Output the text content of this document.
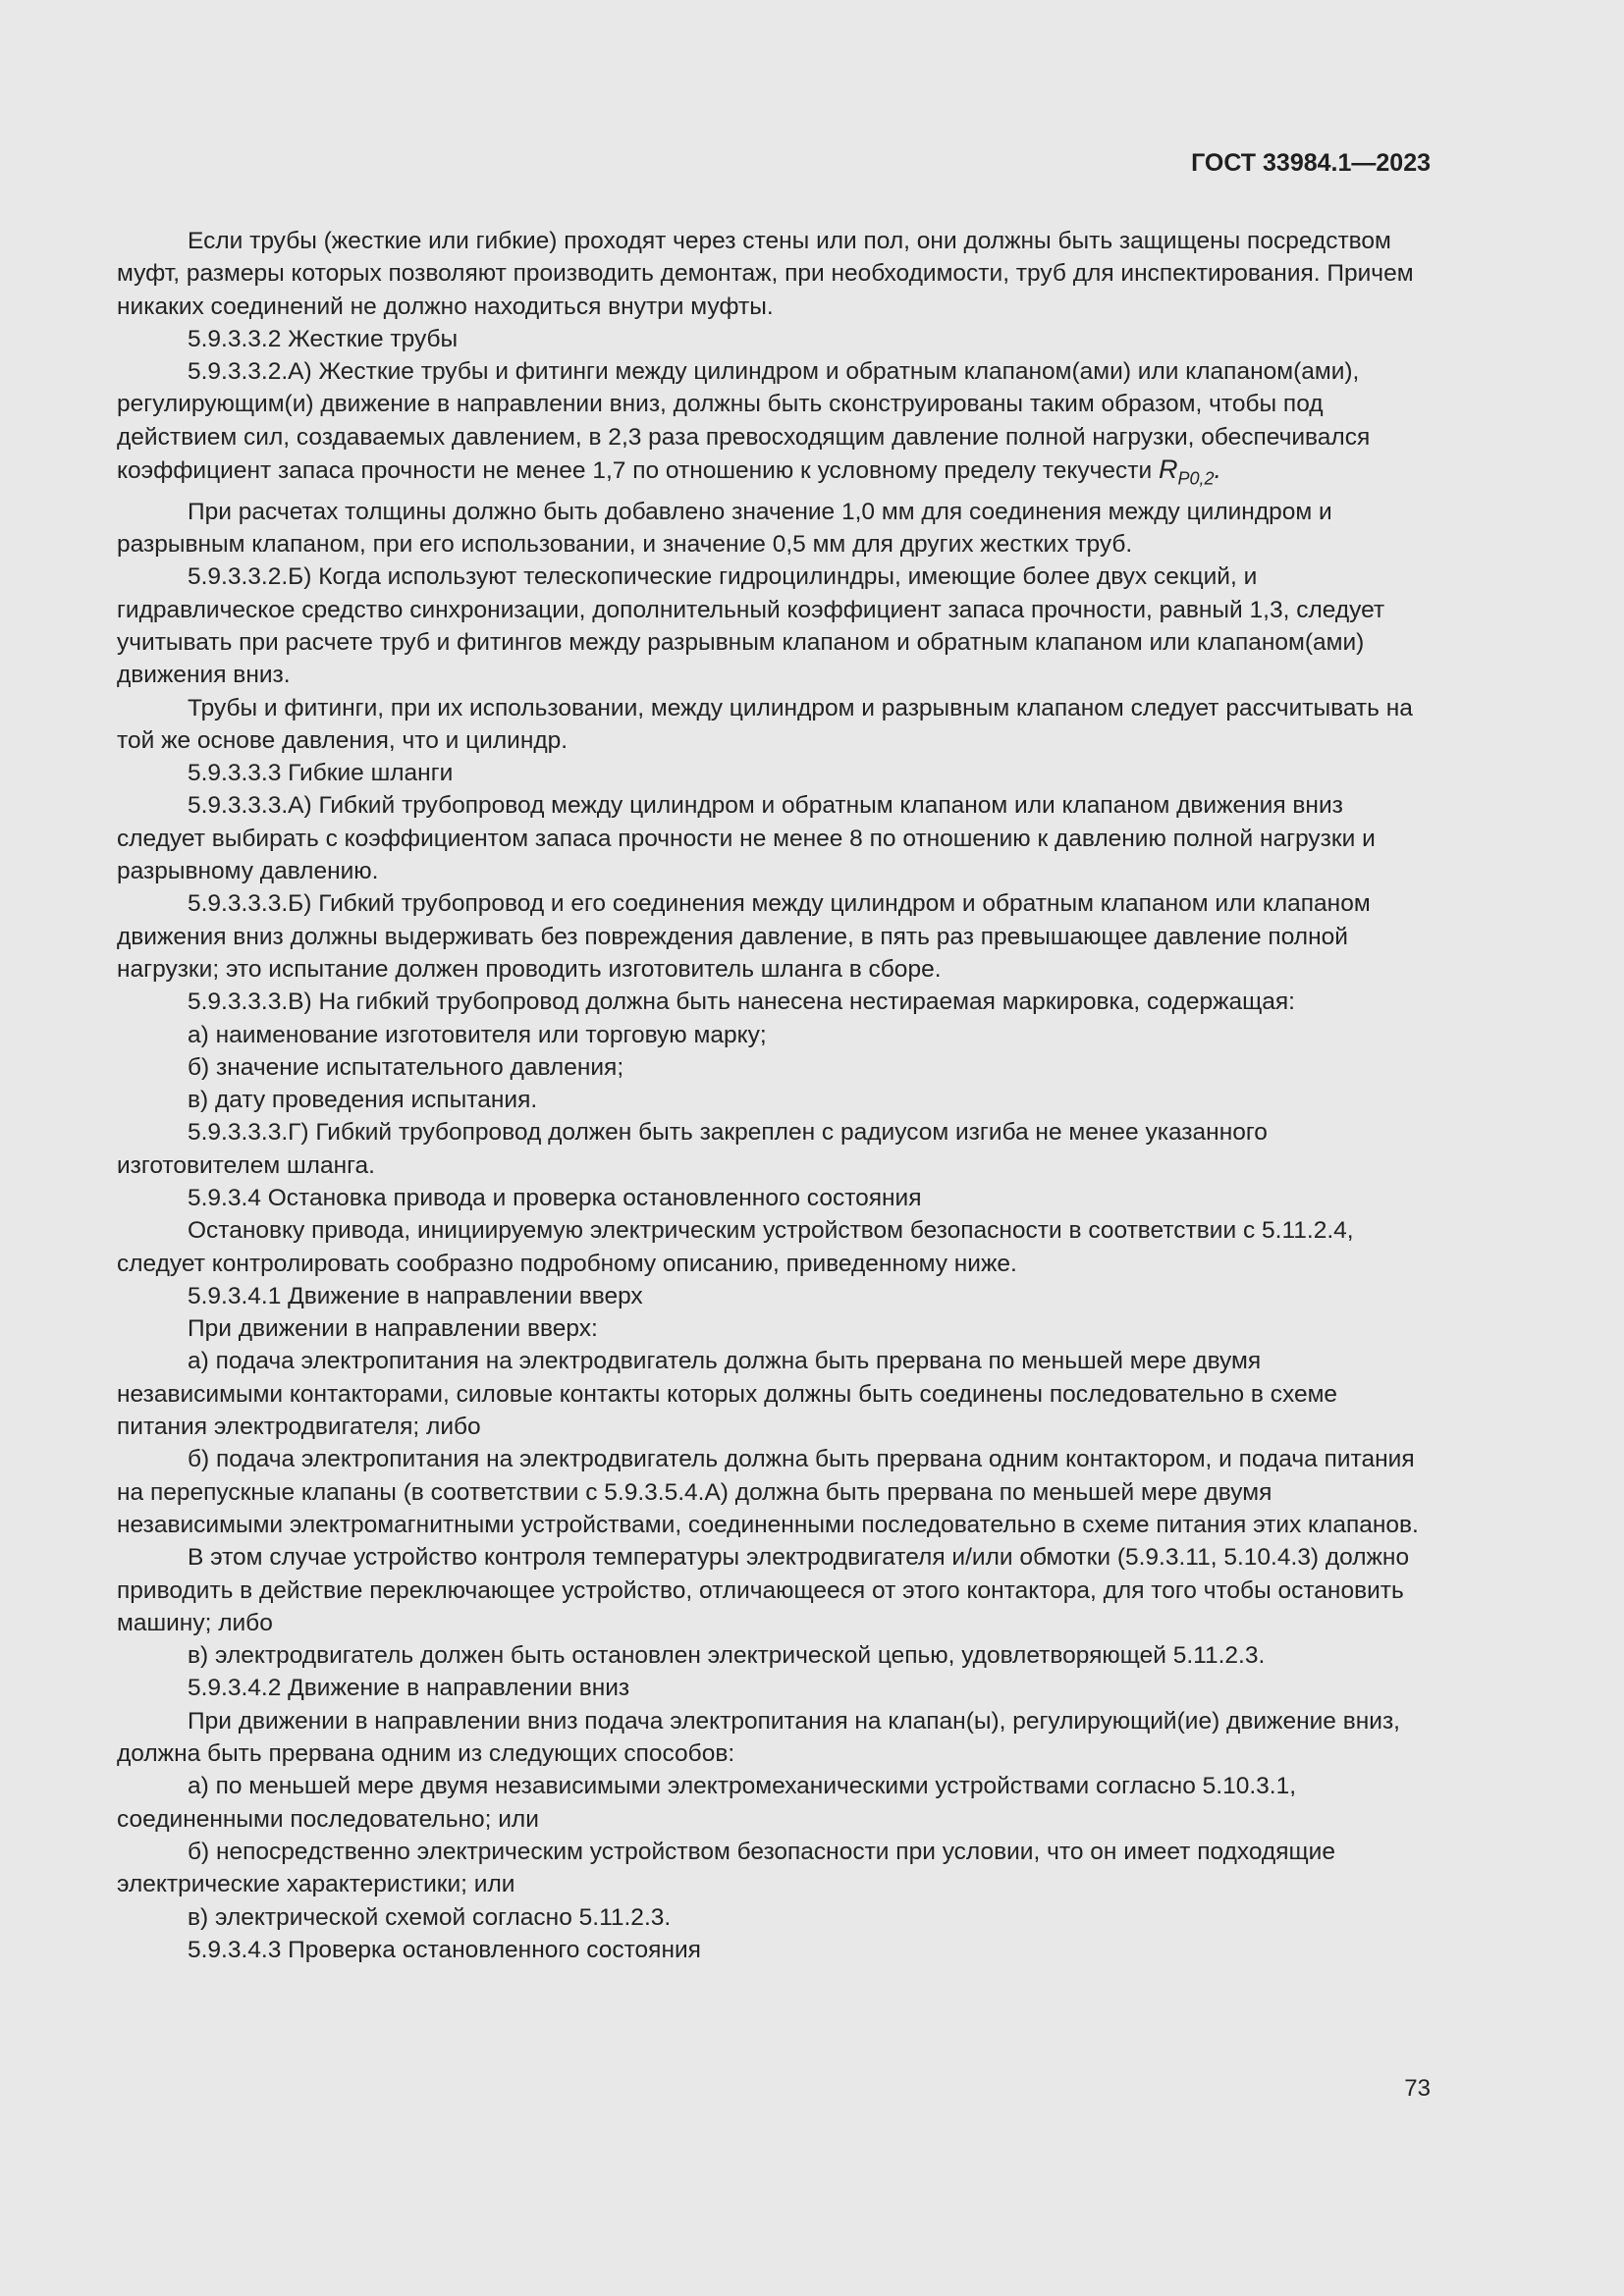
ГОСТ 33984.1—2023

Если трубы (жесткие или гибкие) проходят через стены или пол, они должны быть защищены посредством муфт, размеры которых позволяют производить демонтаж, при необходимости, труб для инспектирования. Причем никаких соединений не должно находиться внутри муфты.

5.9.3.3.2 Жесткие трубы

5.9.3.3.2.А) Жесткие трубы и фитинги между цилиндром и обратным клапаном(ами) или клапаном(ами), регулирующим(и) движение в направлении вниз, должны быть сконструированы таким образом, чтобы под действием сил, создаваемых давлением, в 2,3 раза превосходящим давление полной нагрузки, обеспечивался коэффициент запаса прочности не менее 1,7 по отношению к условному пределу текучести $R_{P0,2}$.

При расчетах толщины должно быть добавлено значение 1,0 мм для соединения между цилиндром и разрывным клапаном, при его использовании, и значение 0,5 мм для других жестких труб.

5.9.3.3.2.Б) Когда используют телескопические гидроцилиндры, имеющие более двух секций, и гидравлическое средство синхронизации, дополнительный коэффициент запаса прочности, равный 1,3, следует учитывать при расчете труб и фитингов между разрывным клапаном и обратным клапаном или клапаном(ами) движения вниз.

Трубы и фитинги, при их использовании, между цилиндром и разрывным клапаном следует рассчитывать на той же основе давления, что и цилиндр.

5.9.3.3.3 Гибкие шланги

5.9.3.3.3.А) Гибкий трубопровод между цилиндром и обратным клапаном или клапаном движения вниз следует выбирать с коэффициентом запаса прочности не менее 8 по отношению к давлению полной нагрузки и разрывному давлению.

5.9.3.3.3.Б) Гибкий трубопровод и его соединения между цилиндром и обратным клапаном или клапаном движения вниз должны выдерживать без повреждения давление, в пять раз превышающее давление полной нагрузки; это испытание должен проводить изготовитель шланга в сборе.

5.9.3.3.3.В) На гибкий трубопровод должна быть нанесена нестираемая маркировка, содержащая:

а) наименование изготовителя или торговую марку;

б) значение испытательного давления;

в) дату проведения испытания.

5.9.3.3.3.Г) Гибкий трубопровод должен быть закреплен с радиусом изгиба не менее указанного изготовителем шланга.

5.9.3.4 Остановка привода и проверка остановленного состояния

Остановку привода, инициируемую электрическим устройством безопасности в соответствии с 5.11.2.4, следует контролировать сообразно подробному описанию, приведенному ниже.

5.9.3.4.1 Движение в направлении вверх

При движении в направлении вверх:

а) подача электропитания на электродвигатель должна быть прервана по меньшей мере двумя независимыми контакторами, силовые контакты которых должны быть соединены последовательно в схеме питания электродвигателя; либо

б) подача электропитания на электродвигатель должна быть прервана одним контактором, и подача питания на перепускные клапаны (в соответствии с 5.9.3.5.4.А) должна быть прервана по меньшей мере двумя независимыми электромагнитными устройствами, соединенными последовательно в схеме питания этих клапанов.

В этом случае устройство контроля температуры электродвигателя и/или обмотки (5.9.3.11, 5.10.4.3) должно приводить в действие переключающее устройство, отличающееся от этого контактора, для того чтобы остановить машину; либо

в) электродвигатель должен быть остановлен электрической цепью, удовлетворяющей 5.11.2.3.

5.9.3.4.2 Движение в направлении вниз

При движении в направлении вниз подача электропитания на клапан(ы), регулирующий(ие) движение вниз, должна быть прервана одним из следующих способов:

а) по меньшей мере двумя независимыми электромеханическими устройствами согласно 5.10.3.1, соединенными последовательно; или

б) непосредственно электрическим устройством безопасности при условии, что он имеет подходящие электрические характеристики; или

в) электрической схемой согласно 5.11.2.3.

5.9.3.4.3 Проверка остановленного состояния

73
